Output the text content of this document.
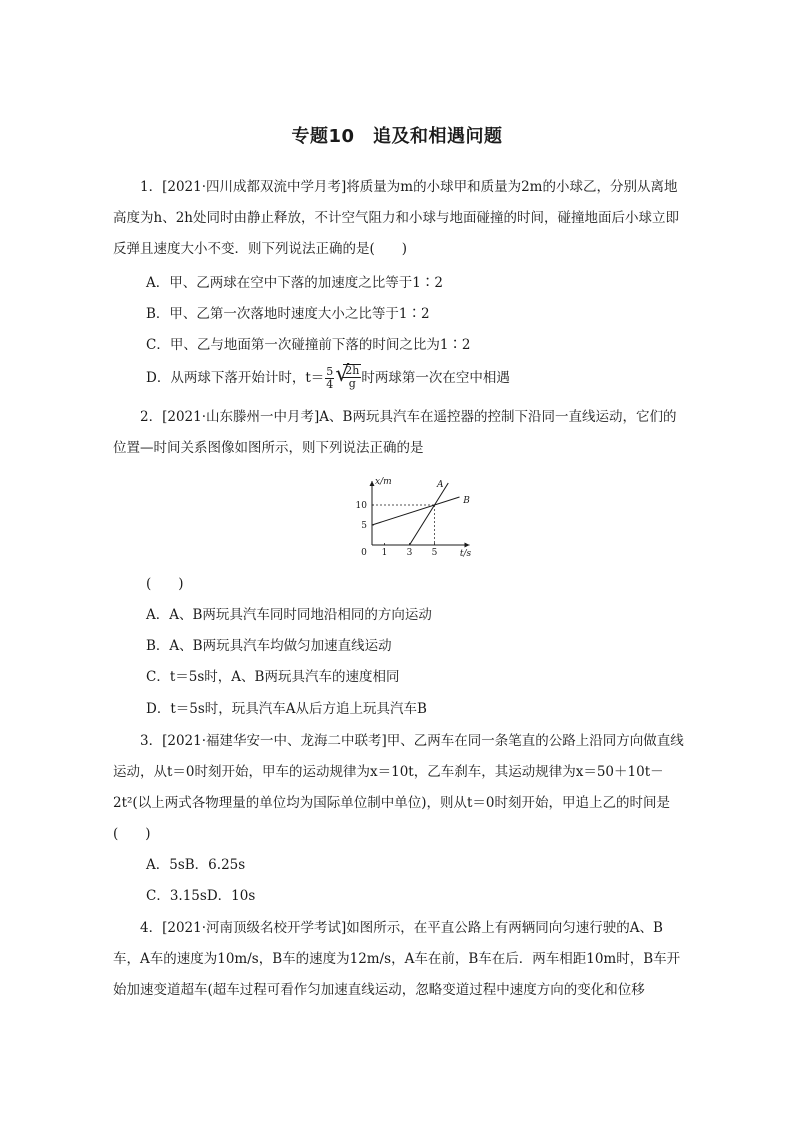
专题10　追及和相遇问题

1．[2021·四川成都双流中学月考]将质量为m的小球甲和质量为2m的小球乙，分别从离地高度为h、2h处同时由静止释放，不计空气阻力和小球与地面碰撞的时间，碰撞地面后小球立即反弹且速度大小不变．则下列说法正确的是(　　)

A．甲、乙两球在空中下落的加速度之比等于1∶2
B．甲、乙第一次落地时速度大小之比等于1∶2
C．甲、乙与地面第一次碰撞前下落的时间之比为1∶2
D．从两球下落开始计时，$t= \frac{5}{4}$ √
$\frac{2h}{g}$ 时两球第一次在空中相遇

2．[2021·山东滕州一中月考]A、B两玩具汽车在遥控器的控制下沿同一直线运动，它们的位置—时间关系图像如图所示，则下列说法正确的是

x/m
t/s
0 1 3 5
5
10
A
B
(　　)
A．A、B两玩具汽车同时同地沿相同的方向运动
B．A、B两玩具汽车均做匀加速直线运动
C．t＝5s时，A、B两玩具汽车的速度相同
D．t＝5s时，玩具汽车A从后方追上玩具汽车B

3．[2021·福建华安一中、龙海二中联考]甲、乙两车在同一条笔直的公路上沿同方向做直线运动，从t＝0时刻开始，甲车的运动规律为x＝10t，乙车刹车，其运动规律为x＝50＋10t－2t²(以上两式各物理量的单位均为国际单位制中单位)，则从t＝0时刻开始，甲追上乙的时间是(　　)

A．5sB．6.25s
C．3.15sD．10s

4．[2021·河南顶级名校开学考试]如图所示，在平直公路上有两辆同向匀速行驶的A、B车，A车的速度为10m/s，B车的速度为12m/s，A车在前，B车在后．两车相距10m时，B车开始加速变道超车(超车过程可看作匀加速直线运动，忽略变道过程中速度方向的变化和位移
